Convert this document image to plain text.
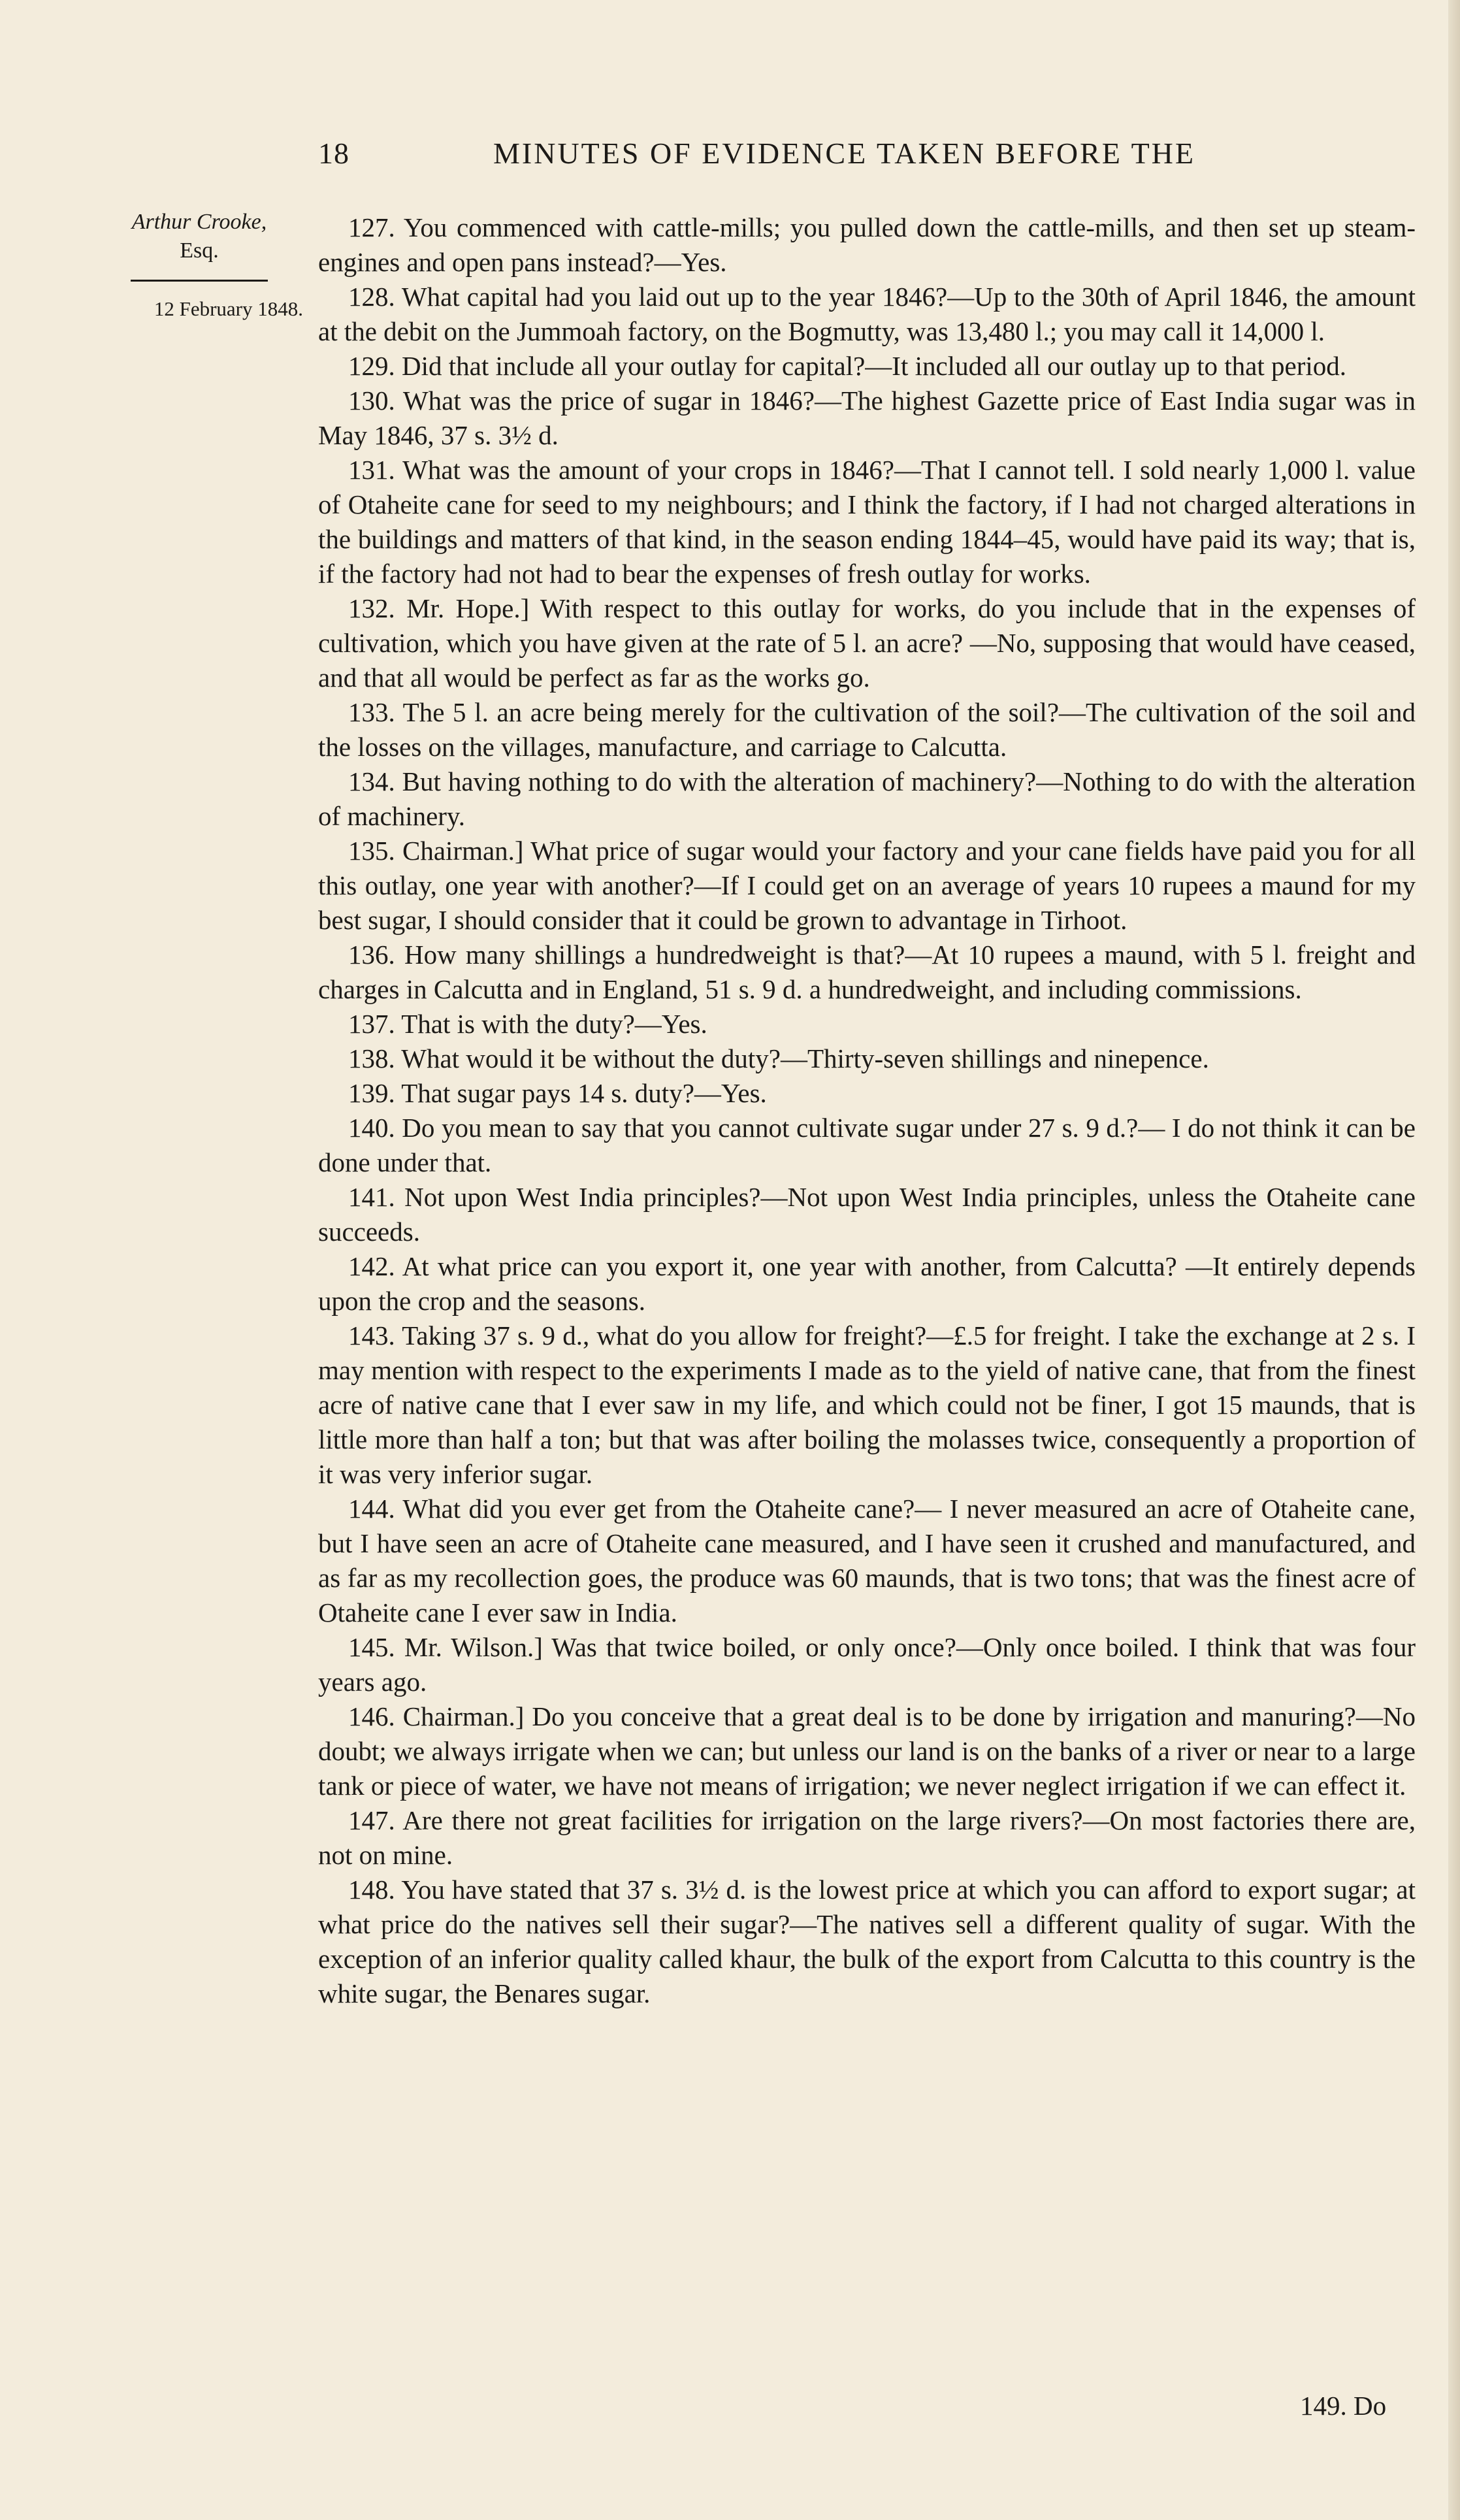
18	MINUTES OF EVIDENCE TAKEN BEFORE THE
Arthur Crooke,
Esq.
12 February 1848.

127. You commenced with cattle-mills; you pulled down the cattle-mills, and then set up steam-engines and open pans instead?—Yes.

128. What capital had you laid out up to the year 1846?—Up to the 30th of April 1846, the amount at the debit on the Jummoah factory, on the Bogmutty, was 13,480 l.; you may call it 14,000 l.

129. Did that include all your outlay for capital?—It included all our outlay up to that period.

130. What was the price of sugar in 1846?—The highest Gazette price of East India sugar was in May 1846, 37 s. 3½ d.

131. What was the amount of your crops in 1846?—That I cannot tell. I sold nearly 1,000 l. value of Otaheite cane for seed to my neighbours; and I think the factory, if I had not charged alterations in the buildings and matters of that kind, in the season ending 1844–45, would have paid its way; that is, if the factory had not had to bear the expenses of fresh outlay for works.

132. Mr. Hope.] With respect to this outlay for works, do you include that in the expenses of cultivation, which you have given at the rate of 5 l. an acre? —No, supposing that would have ceased, and that all would be perfect as far as the works go.

133. The 5 l. an acre being merely for the cultivation of the soil?—The cultivation of the soil and the losses on the villages, manufacture, and carriage to Calcutta.

134. But having nothing to do with the alteration of machinery?—Nothing to do with the alteration of machinery.

135. Chairman.] What price of sugar would your factory and your cane fields have paid you for all this outlay, one year with another?—If I could get on an average of years 10 rupees a maund for my best sugar, I should consider that it could be grown to advantage in Tirhoot.

136. How many shillings a hundredweight is that?—At 10 rupees a maund, with 5 l. freight and charges in Calcutta and in England, 51 s. 9 d. a hundredweight, and including commissions.

137. That is with the duty?—Yes.

138. What would it be without the duty?—Thirty-seven shillings and ninepence.

139. That sugar pays 14 s. duty?—Yes.

140. Do you mean to say that you cannot cultivate sugar under 27 s. 9 d.?— I do not think it can be done under that.

141. Not upon West India principles?—Not upon West India principles, unless the Otaheite cane succeeds.

142. At what price can you export it, one year with another, from Calcutta? —It entirely depends upon the crop and the seasons.

143. Taking 37 s. 9 d., what do you allow for freight?—£.5 for freight. I take the exchange at 2 s. I may mention with respect to the experiments I made as to the yield of native cane, that from the finest acre of native cane that I ever saw in my life, and which could not be finer, I got 15 maunds, that is little more than half a ton; but that was after boiling the molasses twice, consequently a proportion of it was very inferior sugar.

144. What did you ever get from the Otaheite cane?— I never measured an acre of Otaheite cane, but I have seen an acre of Otaheite cane measured, and I have seen it crushed and manufactured, and as far as my recollection goes, the produce was 60 maunds, that is two tons; that was the finest acre of Otaheite cane I ever saw in India.

145. Mr. Wilson.] Was that twice boiled, or only once?—Only once boiled. I think that was four years ago.

146. Chairman.] Do you conceive that a great deal is to be done by irrigation and manuring?—No doubt; we always irrigate when we can; but unless our land is on the banks of a river or near to a large tank or piece of water, we have not means of irrigation; we never neglect irrigation if we can effect it.

147. Are there not great facilities for irrigation on the large rivers?—On most factories there are, not on mine.

148. You have stated that 37 s. 3½ d. is the lowest price at which you can afford to export sugar; at what price do the natives sell their sugar?—The natives sell a different quality of sugar. With the exception of an inferior quality called khaur, the bulk of the export from Calcutta to this country is the white sugar, the Benares sugar.

149. Do
